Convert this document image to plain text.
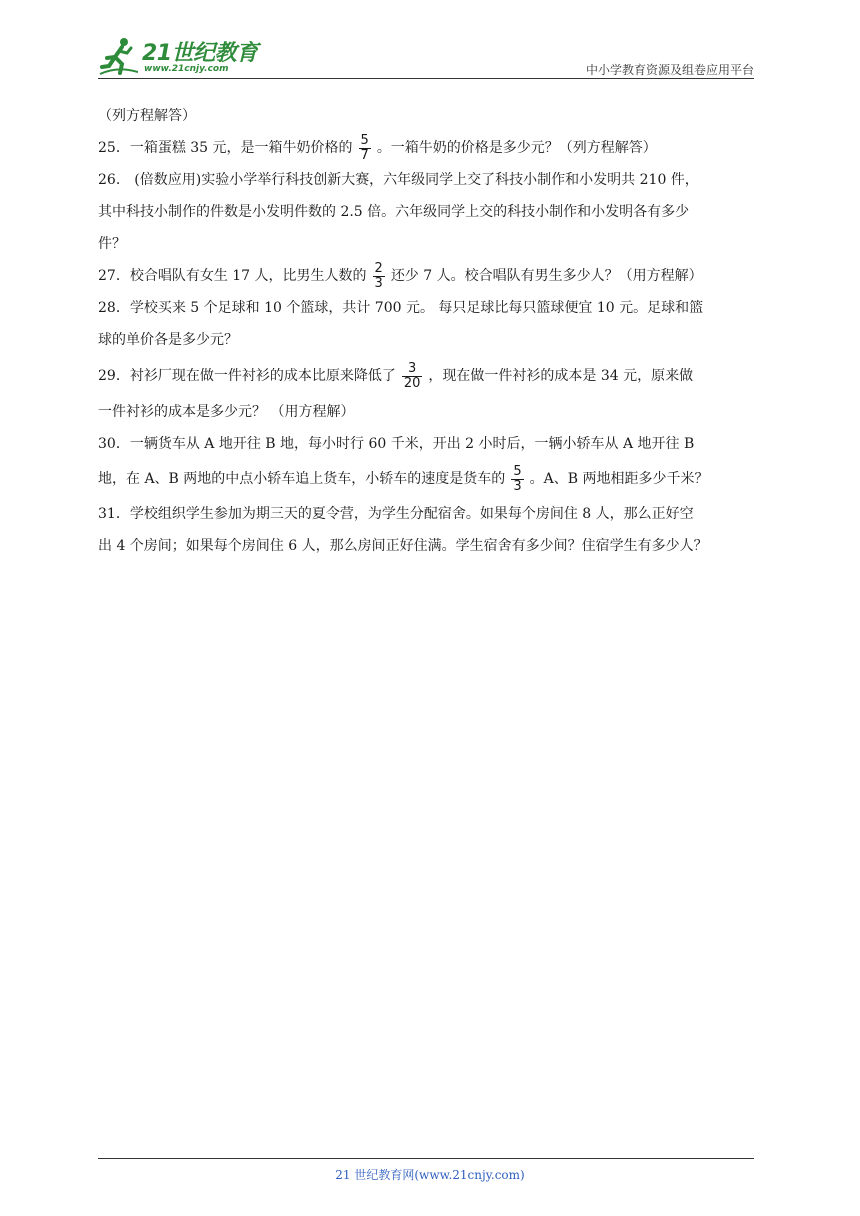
21世纪教育
www.21cnjy.com	中小学教育资源及组卷应用平台
（列方程解答）
25．一箱蛋糕 35 元，是一箱牛奶价格的 $\frac{5}{7}$ 。一箱牛奶的价格是多少元？（列方程解答）
26.　(倍数应用)实验小学举行科技创新大赛，六年级同学上交了科技小制作和小发明共 210 件，
其中科技小制作的件数是小发明件数的 2.5 倍。六年级同学上交的科技小制作和小发明各有多少
件？
27．校合唱队有女生 17 人，比男生人数的 $\frac{2}{3}$ 还少 7 人。校合唱队有男生多少人？（用方程解）
28．学校买来 5 个足球和 10 个篮球，共计 700 元。 每只足球比每只篮球便宜 10 元。足球和篮
球的单价各是多少元？
29．衬衫厂现在做一件衬衫的成本比原来降低了 $\frac{3}{20}$ ，现在做一件衬衫的成本是 34 元，原来做
一件衬衫的成本是多少元？ （用方程解）
30．一辆货车从 A 地开往 B 地，每小时行 60 千米，开出 2 小时后，一辆小轿车从 A 地开往 B
地，在 A、B 两地的中点小轿车追上货车，小轿车的速度是货车的 $\frac{5}{3}$ 。A、B 两地相距多少千米？
31．学校组织学生参加为期三天的夏令营，为学生分配宿舍。如果每个房间住 8 人，那么正好空
出 4 个房间；如果每个房间住 6 人，那么房间正好住满。学生宿舍有多少间？住宿学生有多少人？
21 世纪教育网(www.21cnjy.com)
